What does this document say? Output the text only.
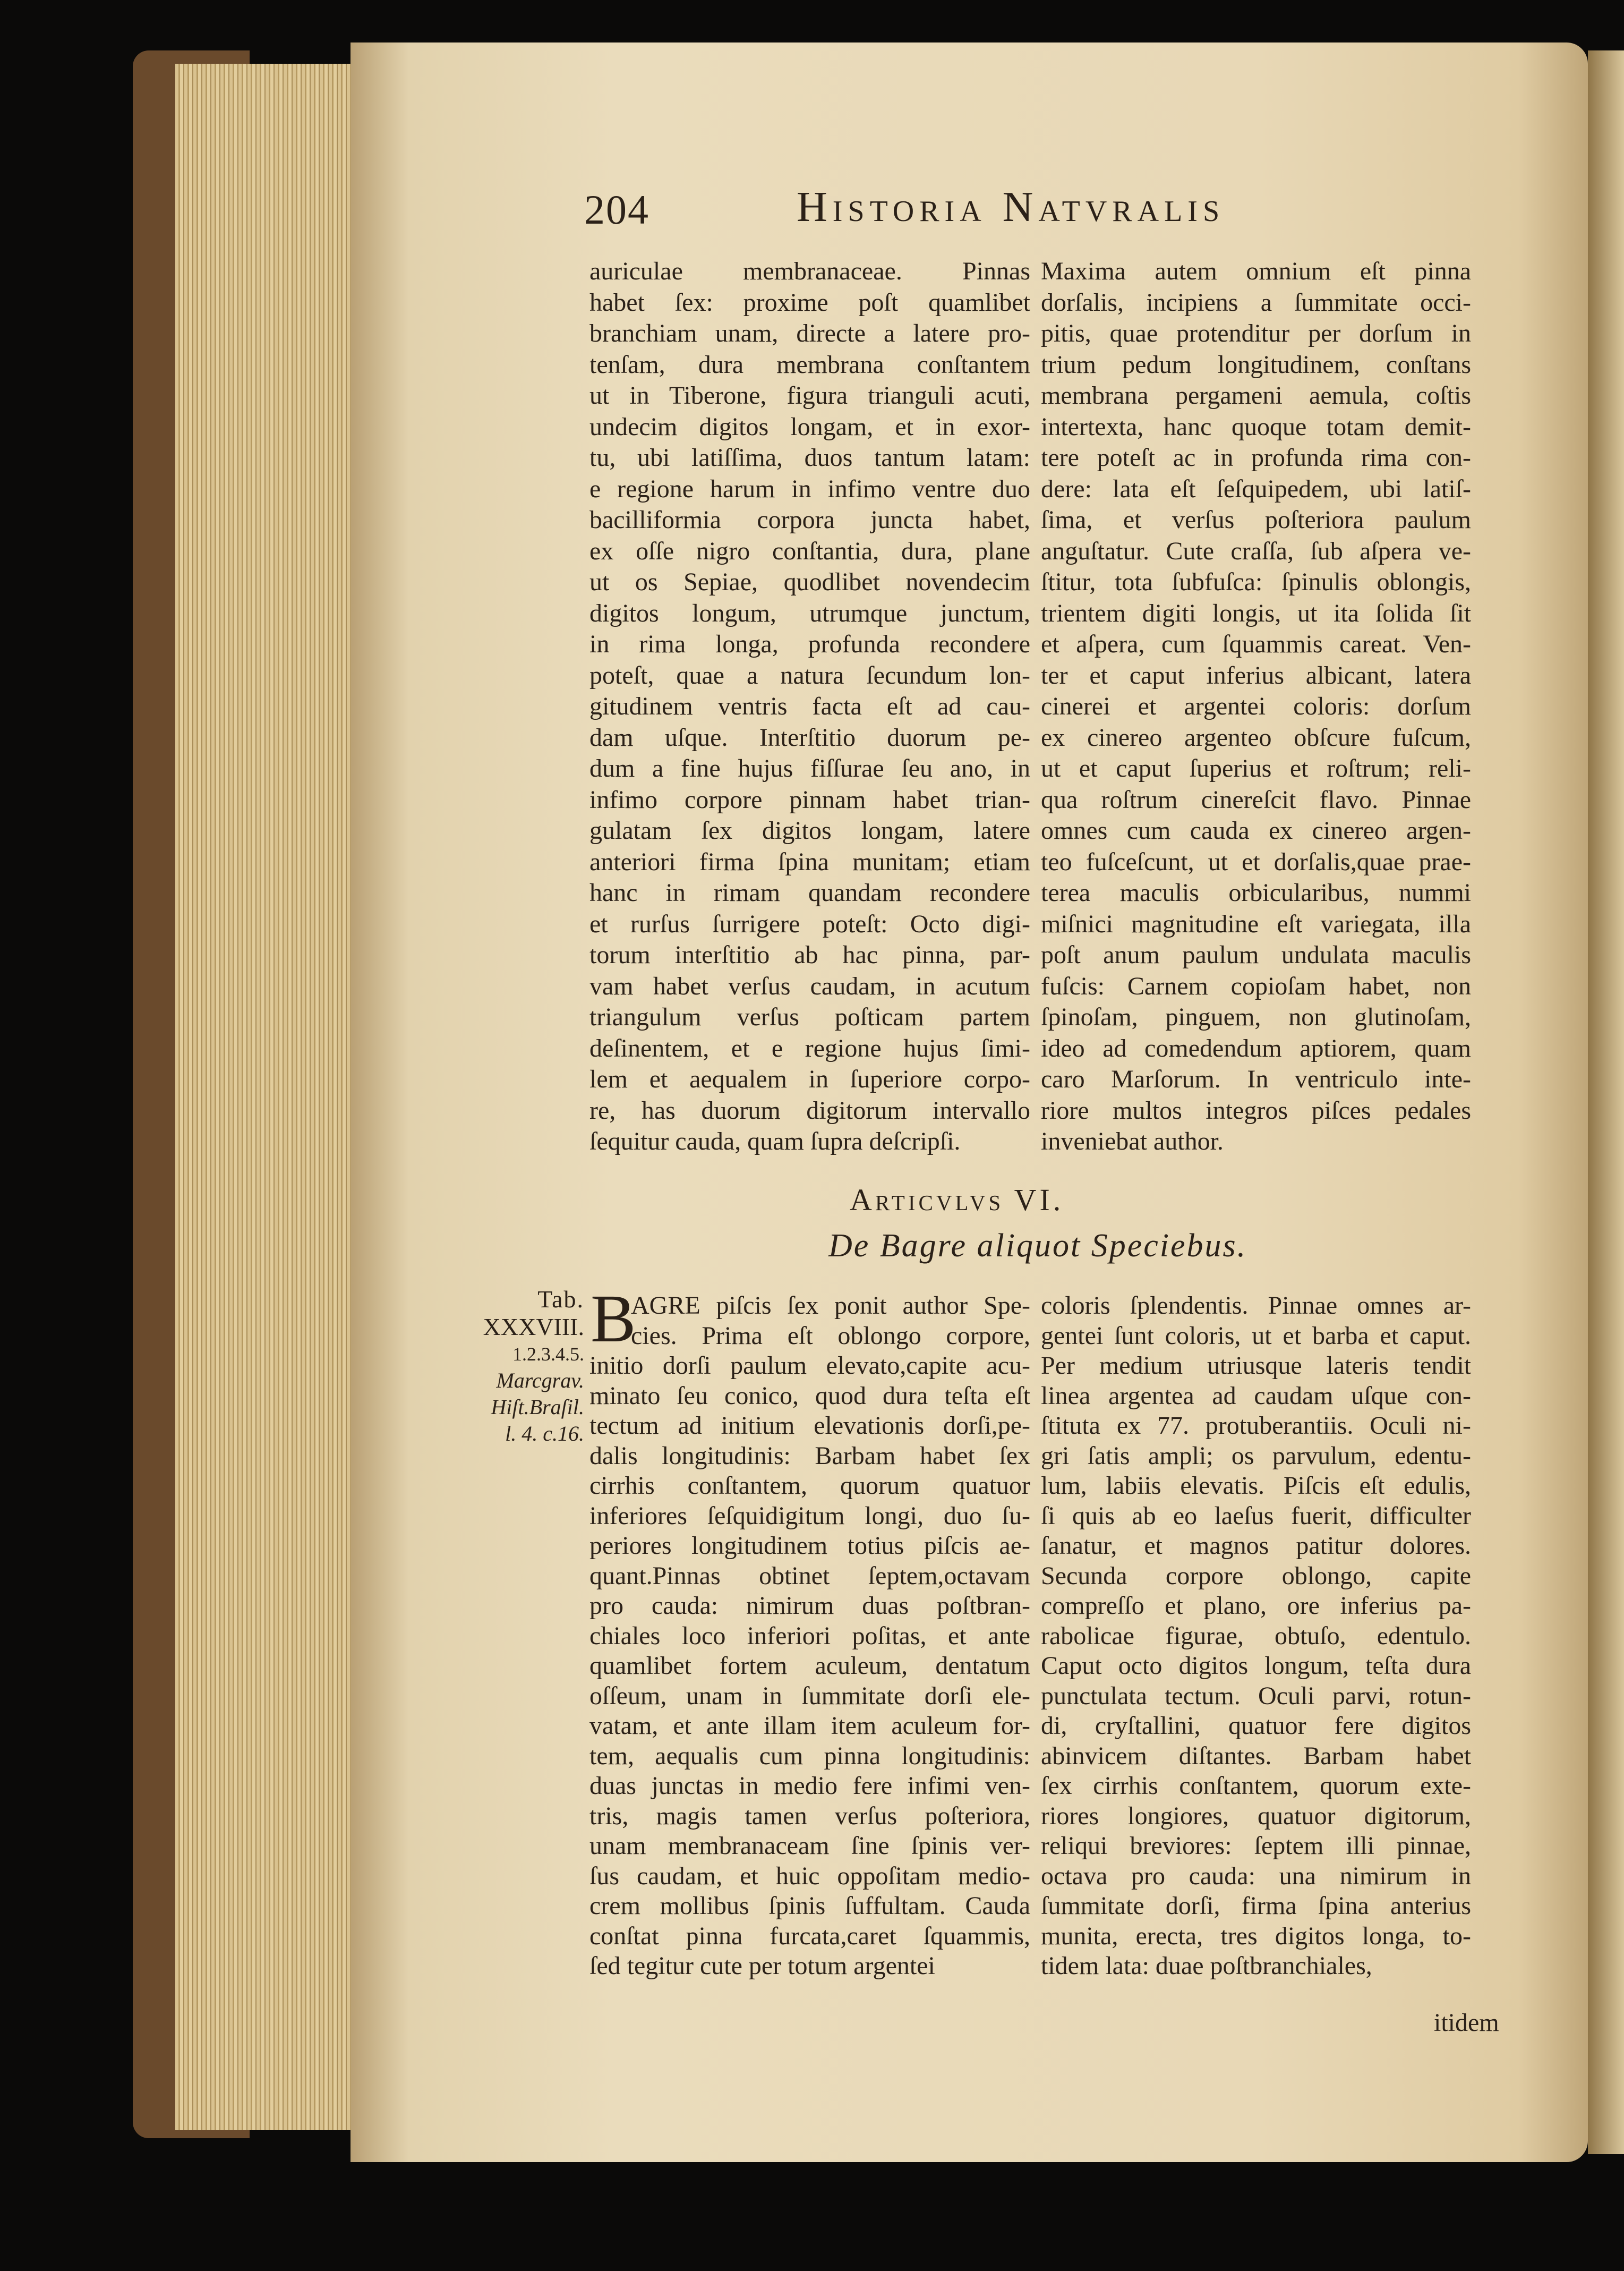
204	Historia Natvralis
auriculae membranaceae. Pinnas
habet ſex: proxime poſt quamlibet
branchiam unam, directe a latere pro-
tenſam, dura membrana conſtantem
ut in Tiberone, figura trianguli acuti,
undecim digitos longam, et in exor-
tu, ubi latiſſima, duos tantum latam:
e regione harum in infimo ventre duo
bacilliformia corpora juncta habet,
ex oſſe nigro conſtantia, dura, plane
ut os Sepiae, quodlibet novendecim
digitos longum, utrumque junctum,
in rima longa, profunda recondere
poteſt, quae a natura ſecundum lon-
gitudinem ventris facta eſt ad cau-
dam uſque. Interſtitio duorum pe-
dum a fine hujus fiſſurae ſeu ano, in
infimo corpore pinnam habet trian-
gulatam ſex digitos longam, latere
anteriori firma ſpina munitam; etiam
hanc in rimam quandam recondere
et rurſus ſurrigere poteſt: Octo digi-
torum interſtitio ab hac pinna, par-
vam habet verſus caudam, in acutum
triangulum verſus poſticam partem
deſinentem, et e regione hujus ſimi-
lem et aequalem in ſuperiore corpo-
re, has duorum digitorum intervallo
ſequitur cauda, quam ſupra deſcripſi.
Maxima autem omnium eſt pinna
dorſalis, incipiens a ſummitate occi-
pitis, quae protenditur per dorſum in
trium pedum longitudinem, conſtans
membrana pergameni aemula, coſtis
intertexta, hanc quoque totam demit-
tere poteſt ac in profunda rima con-
dere: lata eſt ſeſquipedem, ubi latiſ-
ſima, et verſus poſteriora paulum
anguſtatur. Cute craſſa, ſub aſpera ve-
ſtitur, tota ſubfuſca: ſpinulis oblongis,
trientem digiti longis, ut ita ſolida ſit
et aſpera, cum ſquammis careat. Ven-
ter et caput inferius albicant, latera
cinerei et argentei coloris: dorſum
ex cinereo argenteo obſcure fuſcum,
ut et caput ſuperius et roſtrum; reli-
qua roſtrum cinereſcit flavo. Pinnae
omnes cum cauda ex cinereo argen-
teo fuſceſcunt, ut et dorſalis,quae prae-
terea maculis orbicularibus, nummi
miſnici magnitudine eſt variegata, illa
poſt anum paulum undulata maculis
fuſcis: Carnem copioſam habet, non
ſpinoſam, pinguem, non glutinoſam,
ideo ad comedendum aptiorem, quam
caro Marſorum. In ventriculo inte-
riore multos integros piſces pedales
inveniebat author.
Articvlvs VI.
De Bagre aliquot Speciebus.
Tab.
XXXVIII.
1.2.3.4.5.
Marcgrav.
Hiſt.Braſil.
l. 4. c.16.
B
AGRE piſcis ſex ponit author Spe-
cies. Prima eſt oblongo corpore,
initio dorſi paulum elevato,capite acu-
minato ſeu conico, quod dura teſta eſt
tectum ad initium elevationis dorſi,pe-
dalis longitudinis: Barbam habet ſex
cirrhis conſtantem, quorum quatuor
inferiores ſeſquidigitum longi, duo ſu-
periores longitudinem totius piſcis ae-
quant.Pinnas obtinet ſeptem,octavam
pro cauda: nimirum duas poſtbran-
chiales loco inferiori poſitas, et ante
quamlibet fortem aculeum, dentatum
oſſeum, unam in ſummitate dorſi ele-
vatam, et ante illam item aculeum for-
tem, aequalis cum pinna longitudinis:
duas junctas in medio fere infimi ven-
tris, magis tamen verſus poſteriora,
unam membranaceam ſine ſpinis ver-
ſus caudam, et huic oppoſitam medio-
crem mollibus ſpinis ſuffultam. Cauda
conſtat pinna furcata,caret ſquammis,
ſed tegitur cute per totum argentei
coloris ſplendentis. Pinnae omnes ar-
gentei ſunt coloris, ut et barba et caput.
Per medium utriusque lateris tendit
linea argentea ad caudam uſque con-
ſtituta ex 77. protuberantiis. Oculi ni-
gri ſatis ampli; os parvulum, edentu-
lum, labiis elevatis. Piſcis eſt edulis,
ſi quis ab eo laeſus fuerit, difficulter
ſanatur, et magnos patitur dolores.
Secunda corpore oblongo, capite
compreſſo et plano, ore inferius pa-
rabolicae figurae, obtuſo, edentulo.
Caput octo digitos longum, teſta dura
punctulata tectum. Oculi parvi, rotun-
di, cryſtallini, quatuor fere digitos
abinvicem diſtantes. Barbam habet
ſex cirrhis conſtantem, quorum exte-
riores longiores, quatuor digitorum,
reliqui breviores: ſeptem illi pinnae,
octava pro cauda: una nimirum in
ſummitate dorſi, firma ſpina anterius
munita, erecta, tres digitos longa, to-
tidem lata: duae poſtbranchiales,
itidem
